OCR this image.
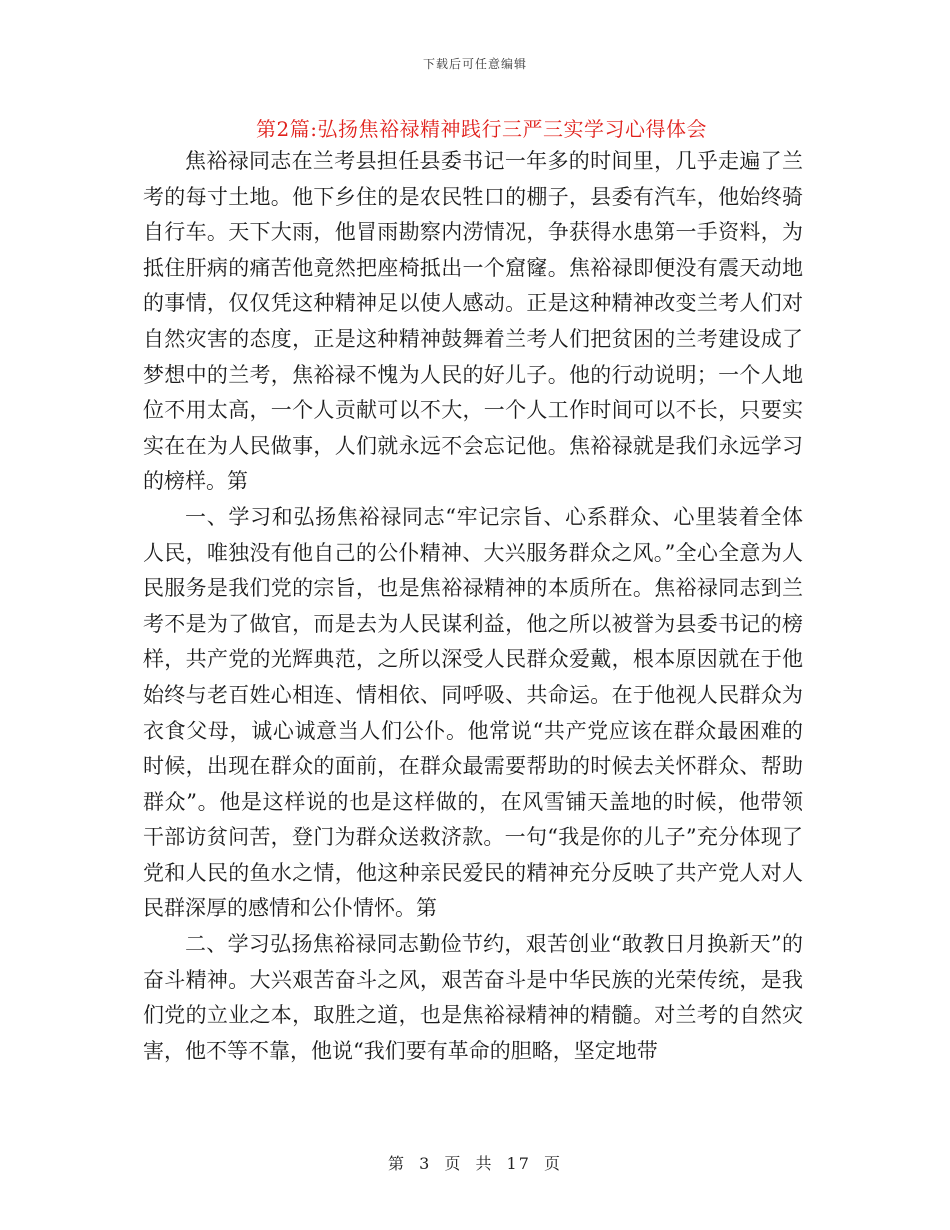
下载后可任意编辑
第2篇:弘扬焦裕禄精神践行三严三实学习心得体会

焦裕禄同志在兰考县担任县委书记一年多的时间里，几乎走遍了兰考的每寸土地。他下乡住的是农民牲口的棚子，县委有汽车，他始终骑自行车。天下大雨，他冒雨勘察内涝情况，争获得水患第一手资料，为抵住肝病的痛苦他竟然把座椅抵出一个窟窿。焦裕禄即便没有震天动地的事情，仅仅凭这种精神足以使人感动。正是这种精神改变兰考人们对自然灾害的态度，正是这种精神鼓舞着兰考人们把贫困的兰考建设成了梦想中的兰考，焦裕禄不愧为人民的好儿子。他的行动说明；一个人地位不用太高，一个人贡献可以不大，一个人工作时间可以不长，只要实实在在为人民做事，人们就永远不会忘记他。焦裕禄就是我们永远学习的榜样。第

一、学习和弘扬焦裕禄同志“牢记宗旨、心系群众、心里装着全体人民，唯独没有他自己的公仆精神、大兴服务群众之风。”全心全意为人民服务是我们党的宗旨，也是焦裕禄精神的本质所在。焦裕禄同志到兰考不是为了做官，而是去为人民谋利益，他之所以被誉为县委书记的榜样，共产党的光辉典范，之所以深受人民群众爱戴，根本原因就在于他始终与老百姓心相连、情相依、同呼吸、共命运。在于他视人民群众为衣食父母，诚心诚意当人们公仆。他常说“共产党应该在群众最困难的时候，出现在群众的面前，在群众最需要帮助的时候去关怀群众、帮助群众”。他是这样说的也是这样做的，在风雪铺天盖地的时候，他带领干部访贫问苦，登门为群众送救济款。一句“我是你的儿子”充分体现了党和人民的鱼水之情，他这种亲民爱民的精神充分反映了共产党人对人民群深厚的感情和公仆情怀。第

二、学习弘扬焦裕禄同志勤俭节约，艰苦创业“敢教日月换新天”的奋斗精神。大兴艰苦奋斗之风，艰苦奋斗是中华民族的光荣传统，是我们党的立业之本，取胜之道，也是焦裕禄精神的精髓。对兰考的自然灾害，他不等不靠，他说“我们要有革命的胆略，坚定地带

第 3 页 共 17 页
